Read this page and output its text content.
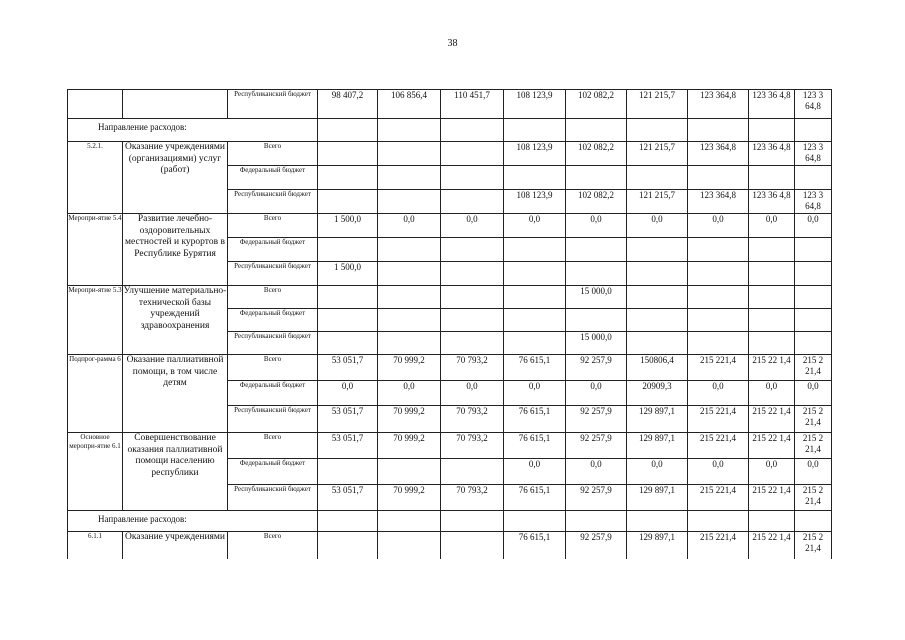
38
		Республиканский бюджет	98 407,2	106 856,4	110 451,7	108 123,9	102 082,2	121 215,7	123 364,8	123 36 4,8	123 3 64,8

Направление расходов:											

5.2.1.	Оказание учреждениями (организациями) услуг (работ)	Всего				108 123,9	102 082,2	121 215,7	123 364,8	123 36 4,8	123 3 64,8
		Федеральный бюджет									
		Республиканский бюджет				108 123,9	102 082,2	121 215,7	123 364,8	123 36 4,8	123 3 64,8
Меропри-ятие 5.4	Развитие лечебно-оздоровительных местностей и курортов в Республике Бурятия	Всего	1 500,0	0,0	0,0	0,0	0,0	0,0	0,0	0,0	0,0
		Федеральный бюджет									
		Республиканский бюджет	1 500,0								
Меропри-ятие 5.3	Улучшение материально-технической базы учреждений здравоохранения	Всего					15 000,0				
		Федеральный бюджет									
		Республиканский бюджет					15 000,0				
Подпрог-рамма 6	Оказание паллиативной помощи, в том числе детям	Всего	53 051,7	70 999,2	70 793,2	76 615,1	92 257,9	150806,4	215 221,4	215 22 1,4	215 2 21,4
		Федеральный бюджет	0,0	0,0	0,0	0,0	0,0	20909,3	0,0	0,0	0,0
		Республиканский бюджет	53 051,7	70 999,2	70 793,2	76 615,1	92 257,9	129 897,1	215 221,4	215 22 1,4	215 2 21,4
Основное меропри-ятие 6.1	Совершенствование оказания паллиативной помощи населению республики	Всего	53 051,7	70 999,2	70 793,2	76 615,1	92 257,9	129 897,1	215 221,4	215 22 1,4	215 2 21,4
		Федеральный бюджет				0,0	0,0	0,0	0,0	0,0	0,0
		Республиканский бюджет	53 051,7	70 999,2	70 793,2	76 615,1	92 257,9	129 897,1	215 221,4	215 22 1,4	215 2 21,4

Направление расходов:											

6.1.1	Оказание учреждениями	Всего				76 615,1	92 257,9	129 897,1	215 221,4	215 22 1,4	215 2 21,4
